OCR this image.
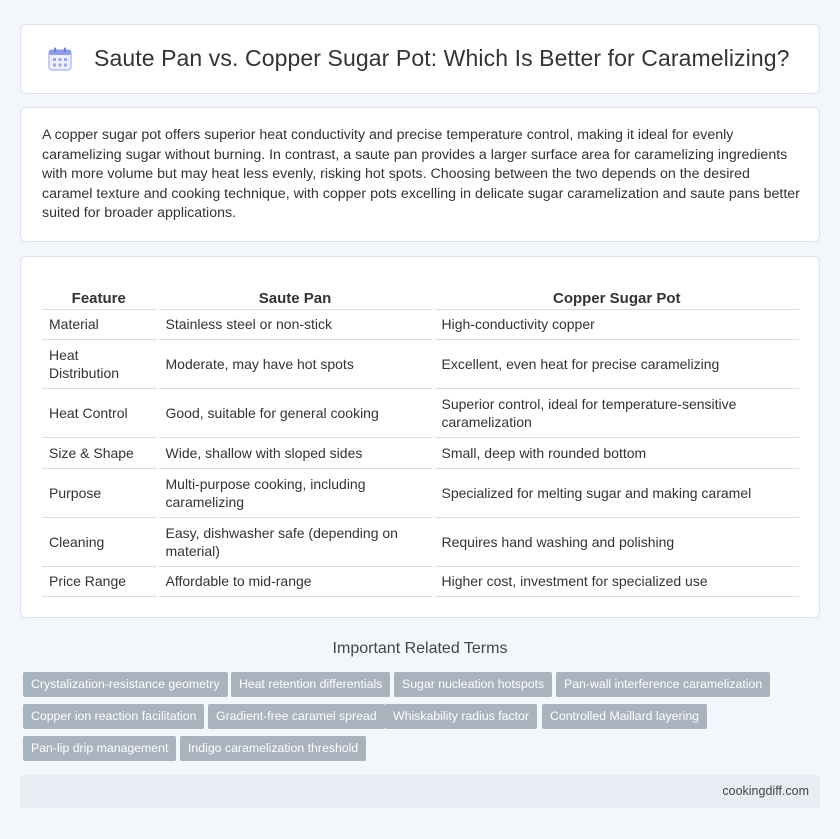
Saute Pan vs. Copper Sugar Pot: Which Is Better for Caramelizing?

A copper sugar pot offers superior heat conductivity and precise temperature control, making it ideal for evenly caramelizing sugar without burning. In contrast, a saute pan provides a larger surface area for caramelizing ingredients with more volume but may heat less evenly, risking hot spots. Choosing between the two depends on the desired caramel texture and cooking technique, with copper pots excelling in delicate sugar caramelization and saute pans better suited for broader applications.

Feature	Saute Pan	Copper Sugar Pot
Material	Stainless steel or non-stick	High-conductivity copper
Heat Distribution	Moderate, may have hot spots	Excellent, even heat for precise caramelizing
Heat Control	Good, suitable for general cooking	Superior control, ideal for temperature-sensitive caramelization
Size & Shape	Wide, shallow with sloped sides	Small, deep with rounded bottom
Purpose	Multi-purpose cooking, including caramelizing	Specialized for melting sugar and making caramel
Cleaning	Easy, dishwasher safe (depending on material)	Requires hand washing and polishing
Price Range	Affordable to mid-range	Higher cost, investment for specialized use
Important Related Terms
Crystalization-resistance geometry	Heat retention differentials	Sugar nucleation hotspots	Pan-wall interference caramelization
Copper ion reaction facilitation	Gradient-free caramel spread	Whiskability radius factor	Controlled Maillard layering
Pan-lip drip management	Indigo caramelization threshold
cookingdiff.com
